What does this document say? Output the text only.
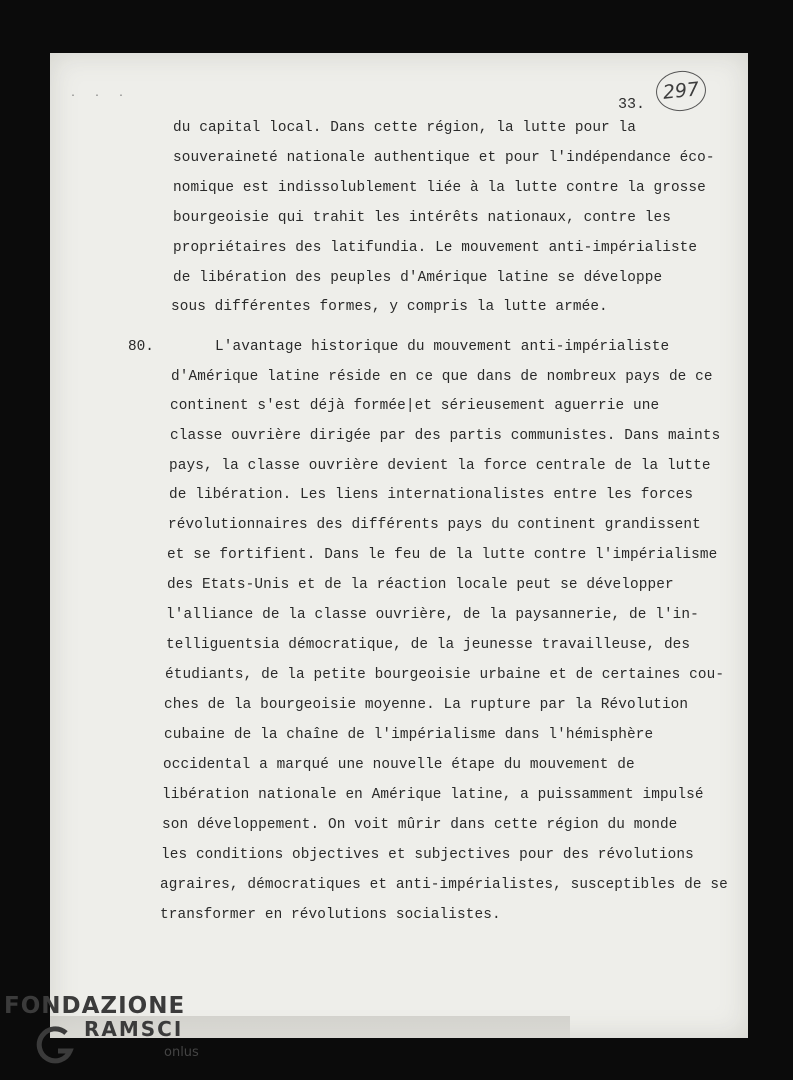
· · ·	33.
297
du capital local. Dans cette région, la lutte pour la
souveraineté nationale authentique et pour l'indépendance éco-
nomique est indissolublement liée à la lutte contre la grosse
bourgeoisie qui trahit les intérêts nationaux, contre les
propriétaires des latifundia. Le mouvement anti-impérialiste
de libération des peuples d'Amérique latine se développe
sous différentes formes, y compris la lutte armée.
80.	L'avantage historique du mouvement anti-impérialiste
d'Amérique latine réside en ce que dans de nombreux pays de ce
continent s'est déjà formée|et sérieusement aguerrie une
classe ouvrière dirigée par des partis communistes. Dans maints
pays, la classe ouvrière devient la force centrale de la lutte
de libération. Les liens internationalistes entre les forces
révolutionnaires des différents pays du continent grandissent
et se fortifient. Dans le feu de la lutte contre l'impérialisme
des Etats-Unis et de la réaction locale peut se développer
l'alliance de la classe ouvrière, de la paysannerie, de l'in-
telliguentsia démocratique, de la jeunesse travailleuse, des
étudiants, de la petite bourgeoisie urbaine et de certaines cou-
ches de la bourgeoisie moyenne. La rupture par la Révolution
cubaine de la chaîne de l'impérialisme dans l'hémisphère
occidental a marqué une nouvelle étape du mouvement de
libération nationale en Amérique latine, a puissamment impulsé
son développement. On voit mûrir dans cette région du monde
les conditions objectives et subjectives pour des révolutions
agraires, démocratiques et anti-impérialistes, susceptibles de se
transformer en révolutions socialistes.
FONDAZIONE
RAMSCI
onlus
